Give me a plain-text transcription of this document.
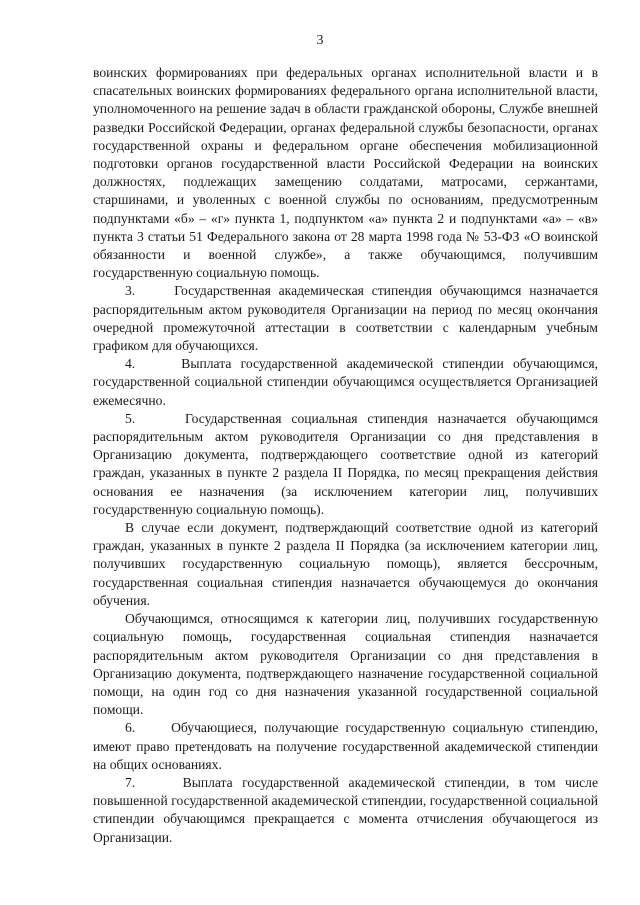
3

воинских формированиях при федеральных органах исполнительной власти и в спасательных воинских формированиях федерального органа исполнительной власти, уполномоченного на решение задач в области гражданской обороны, Службе внешней разведки Российской Федерации, органах федеральной службы безопасности, органах государственной охраны и федеральном органе обеспечения мобилизационной подготовки органов государственной власти Российской Федерации на воинских должностях, подлежащих замещению солдатами, матросами, сержантами, старшинами, и уволенных с военной службы по основаниям, предусмотренным подпунктами «б» – «г» пункта 1, подпунктом «а» пункта 2 и подпунктами «а» – «в» пункта 3 статьи 51 Федерального закона от 28 марта 1998 года № 53-ФЗ «О воинской обязанности и военной службе», а также обучающимся, получившим государственную социальную помощь.

3.     Государственная академическая стипендия обучающимся назначается распорядительным актом руководителя Организации на период по месяц окончания очередной промежуточной аттестации в соответствии с календарным учебным графиком для обучающихся.

4.     Выплата государственной академической стипендии обучающимся, государственной социальной стипендии обучающимся осуществляется Организацией ежемесячно.

5.     Государственная социальная стипендия назначается обучающимся распорядительным актом руководителя Организации со дня представления в Организацию документа, подтверждающего соответствие одной из категорий граждан, указанных в пункте 2 раздела II Порядка, по месяц прекращения действия основания ее назначения (за исключением категории лиц, получивших государственную социальную помощь).

В случае если документ, подтверждающий соответствие одной из категорий граждан, указанных в пункте 2 раздела II Порядка (за исключением категории лиц, получивших государственную социальную помощь), является бессрочным, государственная социальная стипендия назначается обучающемуся до окончания обучения.

Обучающимся, относящимся к категории лиц, получивших государственную социальную помощь, государственная социальная стипендия назначается распорядительным актом руководителя Организации со дня представления в Организацию документа, подтверждающего назначение государственной социальной помощи, на один год со дня назначения указанной государственной социальной помощи.

6.     Обучающиеся, получающие государственную социальную стипендию, имеют право претендовать на получение государственной академической стипендии на общих основаниях.

7.     Выплата государственной академической стипендии, в том числе повышенной государственной академической стипендии, государственной социальной стипендии обучающимся прекращается с момента отчисления обучающегося из Организации.
